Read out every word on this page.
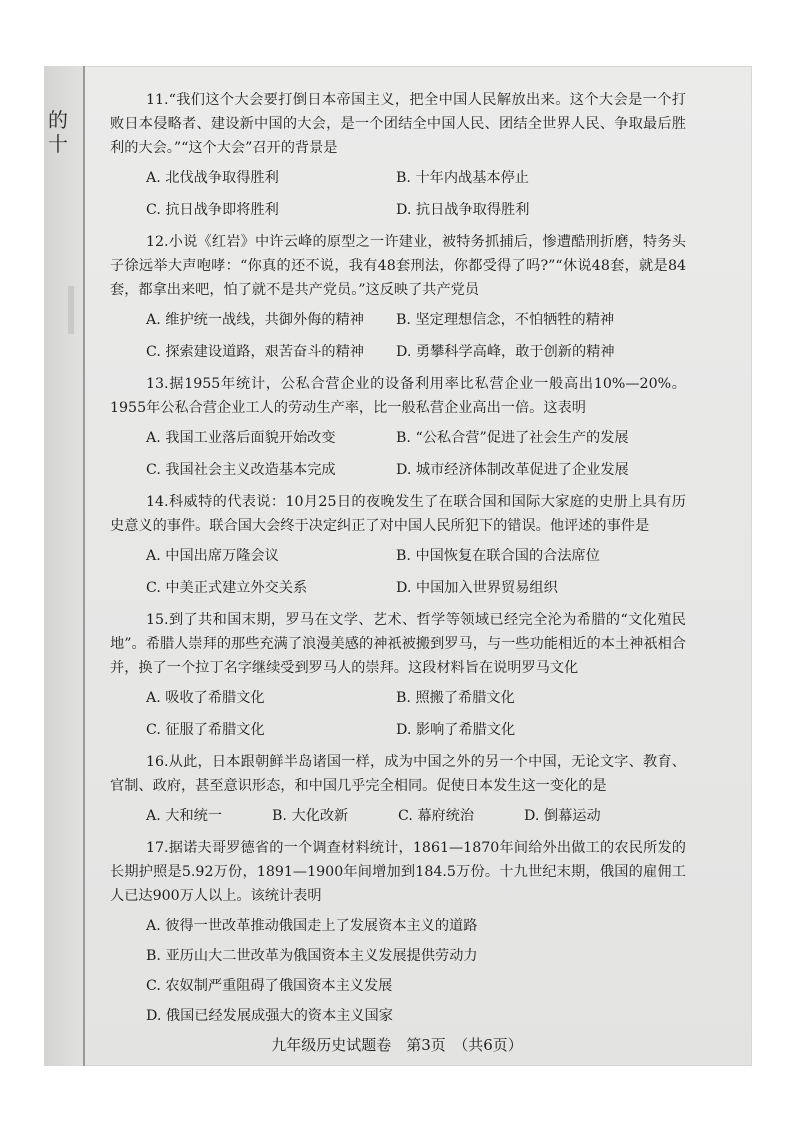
的
十
11.“我们这个大会要打倒日本帝国主义，把全中国人民解放出来。这个大会是一个打败日本侵略者、建设新中国的大会，是一个团结全中国人民、团结全世界人民、争取最后胜利的大会。”“这个大会”召开的背景是
A. 北伐战争取得胜利	B. 十年内战基本停止
C. 抗日战争即将胜利	D. 抗日战争取得胜利
12.小说《红岩》中许云峰的原型之一许建业，被特务抓捕后，惨遭酷刑折磨，特务头子徐远举大声咆哮：“你真的还不说，我有48套刑法，你都受得了吗?”“休说48套，就是84套，都拿出来吧，怕了就不是共产党员。”这反映了共产党员
A. 维护统一战线，共御外侮的精神	B. 坚定理想信念，不怕牺牲的精神
C. 探索建设道路，艰苦奋斗的精神	D. 勇攀科学高峰，敢于创新的精神
13.据1955年统计，公私合营企业的设备利用率比私营企业一般高出10%—20%。1955年公私合营企业工人的劳动生产率，比一般私营企业高出一倍。这表明
A. 我国工业落后面貌开始改变	B. “公私合营”促进了社会生产的发展
C. 我国社会主义改造基本完成	D. 城市经济体制改革促进了企业发展
14.科威特的代表说：10月25日的夜晚发生了在联合国和国际大家庭的史册上具有历史意义的事件。联合国大会终于决定纠正了对中国人民所犯下的错误。他评述的事件是
A. 中国出席万隆会议	B. 中国恢复在联合国的合法席位
C. 中美正式建立外交关系	D. 中国加入世界贸易组织
15.到了共和国末期，罗马在文学、艺术、哲学等领域已经完全沦为希腊的“文化殖民地”。希腊人崇拜的那些充满了浪漫美感的神祇被搬到罗马，与一些功能相近的本土神祇相合并，换了一个拉丁名字继续受到罗马人的崇拜。这段材料旨在说明罗马文化
A. 吸收了希腊文化	B. 照搬了希腊文化
C. 征服了希腊文化	D. 影响了希腊文化
16.从此，日本跟朝鲜半岛诸国一样，成为中国之外的另一个中国，无论文字、教育、官制、政府，甚至意识形态，和中国几乎完全相同。促使日本发生这一变化的是
A. 大和统一	B. 大化改新	C. 幕府统治	D. 倒幕运动
17.据诺夫哥罗德省的一个调查材料统计，1861—1870年间给外出做工的农民所发的长期护照是5.92万份，1891—1900年间增加到184.5万份。十九世纪末期，俄国的雇佣工人已达900万人以上。该统计表明
A. 彼得一世改革推动俄国走上了发展资本主义的道路
B. 亚历山大二世改革为俄国资本主义发展提供劳动力
C. 农奴制严重阻碍了俄国资本主义发展
D. 俄国已经发展成强大的资本主义国家
九年级历史试题卷　第3页　（共6页）
